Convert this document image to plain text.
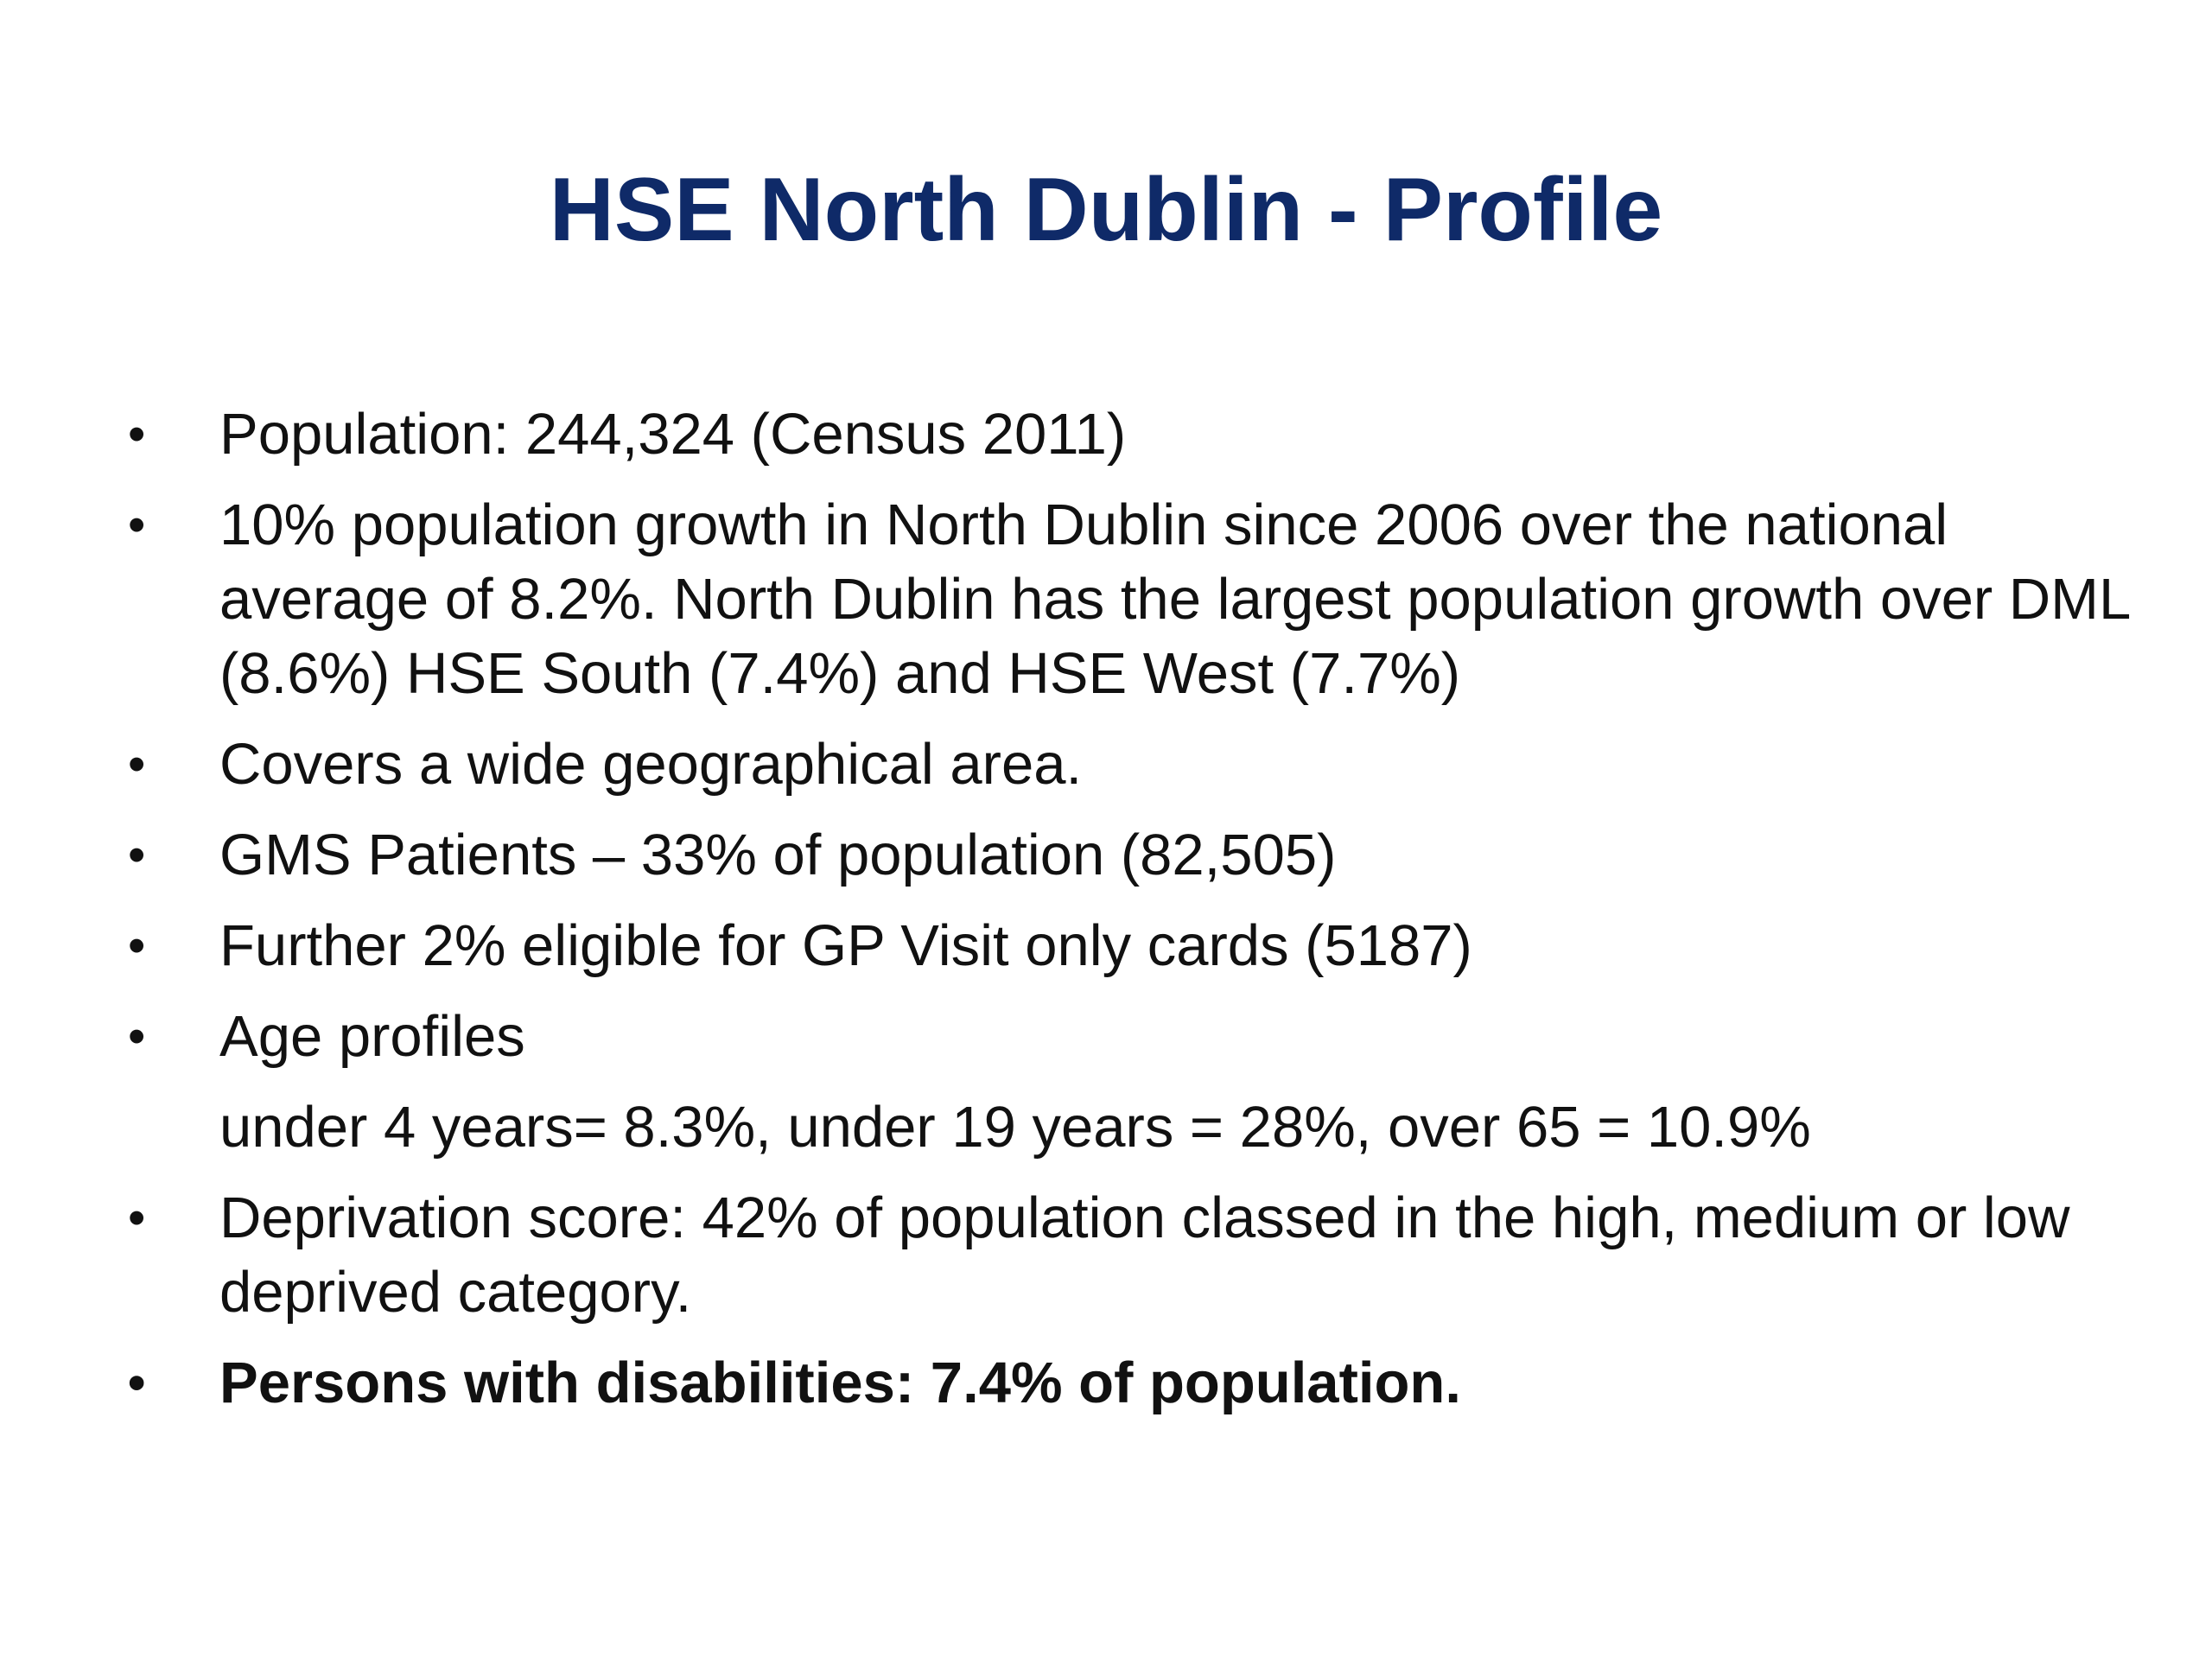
HSE North Dublin - Profile
• Population: 244,324 (Census 2011)
• 10% population growth in North Dublin since 2006 over the national average of 8.2%. North Dublin has the largest population growth over DML (8.6%) HSE South (7.4%) and HSE West (7.7%)
• Covers a wide geographical area.
• GMS Patients – 33% of population (82,505)
• Further 2% eligible for GP Visit only cards (5187)
• Age profiles
under 4 years= 8.3%, under 19 years = 28%, over 65 = 10.9%
• Deprivation score: 42% of population classed in the high, medium or low deprived category.
• Persons with disabilities: 7.4% of population.
